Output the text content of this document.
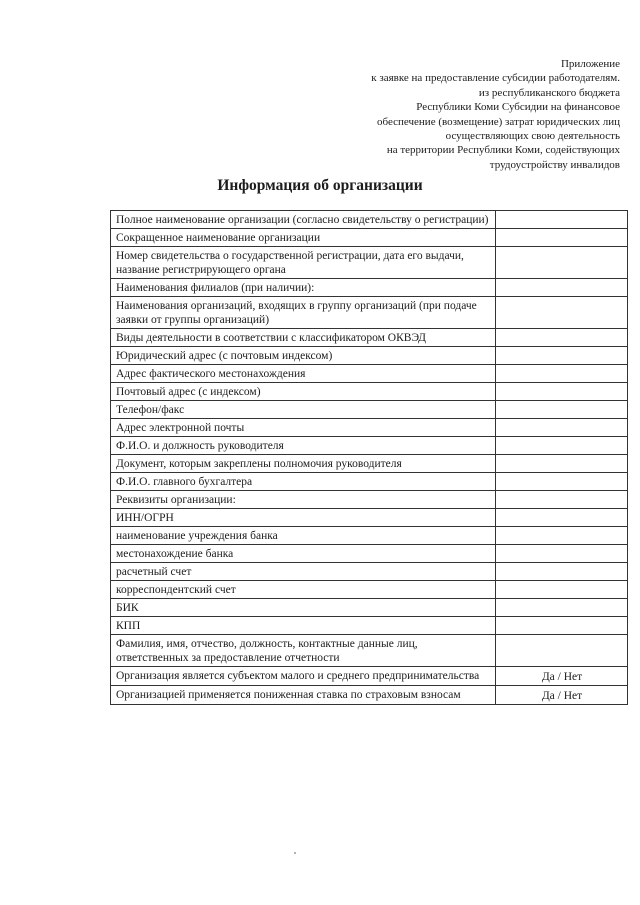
Приложение
к заявке на предоставление субсидии работодателям.
из республиканского бюджета
Республики Коми Субсидии на финансовое
обеспечение (возмещение) затрат юридических лиц
осуществляющих свою деятельность
на территории Республики Коми, содействующих
трудоустройству инвалидов
Информация об организации
Полное наименование организации (согласно свидетельству о регистрации)	
Сокращенное наименование организации	
Номер свидетельства о государственной регистрации, дата его выдачи, название регистрирующего органа	
Наименования филиалов (при наличии):	
Наименования организаций, входящих в группу организаций (при подаче заявки от группы организаций)	
Виды деятельности в соответствии с классификатором ОКВЭД	
Юридический адрес (с почтовым индексом)	
Адрес фактического местонахождения	
Почтовый адрес (с индексом)	
Телефон/факс	
Адрес электронной почты	
Ф.И.О. и должность руководителя	
Документ, которым закреплены полномочия руководителя	
Ф.И.О. главного бухгалтера	
Реквизиты организации:	
ИНН/ОГРН	
наименование учреждения банка	
местонахождение банка	
расчетный счет	
корреспондентский счет	
БИК	
КПП	
Фамилия, имя, отчество, должность, контактные данные лиц, ответственных за предоставление отчетности	
Организация является субъектом малого и среднего предпринимательства	Да / Нет
Организацией применяется пониженная ставка по страховым взносам	Да / Нет
